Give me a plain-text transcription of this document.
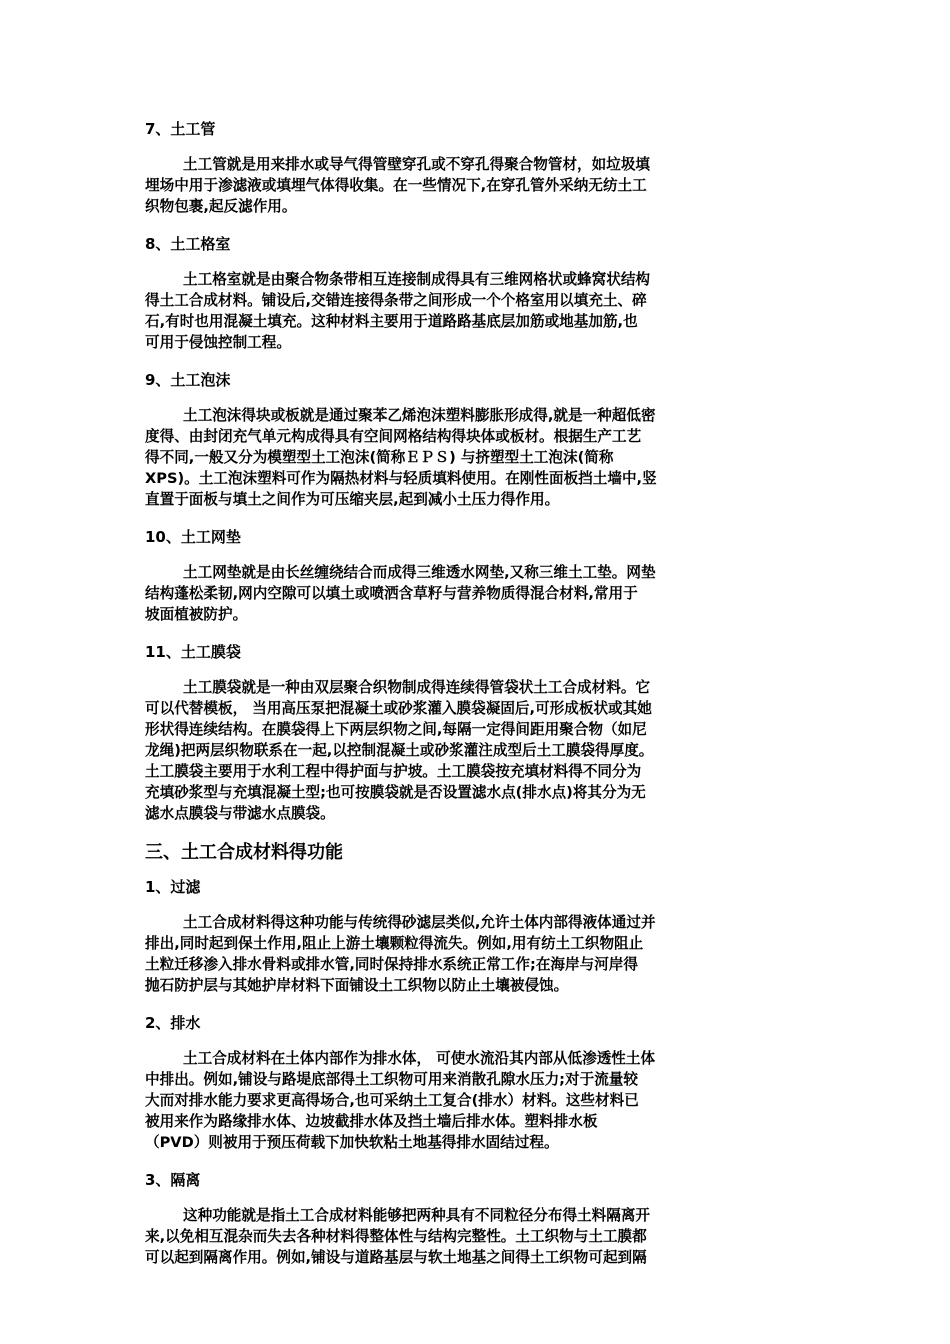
7、土工管
土工管就是用来排水或导气得管壁穿孔或不穿孔得聚合物管材，如垃圾填
埋场中用于渗滤液或填埋气体得收集。在一些情况下,在穿孔管外采纳无纺土工
织物包裹,起反滤作用。
8、土工格室
土工格室就是由聚合物条带相互连接制成得具有三维网格状或蜂窝状结构
得土工合成材料。铺设后,交错连接得条带之间形成一个个格室用以填充土、碎
石,有时也用混凝土填充。这种材料主要用于道路路基底层加筋或地基加筋,也
可用于侵蚀控制工程。
9、土工泡沫
土工泡沫得块或板就是通过聚苯乙烯泡沫塑料膨胀形成得,就是一种超低密
度得、由封闭充气单元构成得具有空间网格结构得块体或板材。根据生产工艺
得不同,一般又分为模塑型土工泡沫(简称ＥＰＳ) 与挤塑型土工泡沫(简称
XPS)。土工泡沫塑料可作为隔热材料与轻质填料使用。在刚性面板挡土墙中,竖
直置于面板与填土之间作为可压缩夹层,起到减小土压力得作用。
10、土工网垫
土工网垫就是由长丝缠绕结合而成得三维透水网垫,又称三维土工垫。网垫
结构蓬松柔韧,网内空隙可以填土或喷洒含草籽与营养物质得混合材料,常用于
坡面植被防护。
11、土工膜袋
土工膜袋就是一种由双层聚合织物制成得连续得管袋状土工合成材料。它
可以代替模板， 当用高压泵把混凝土或砂浆灌入膜袋凝固后,可形成板状或其她
形状得连续结构。在膜袋得上下两层织物之间,每隔一定得间距用聚合物（如尼
龙绳)把两层织物联系在一起,以控制混凝土或砂浆灌注成型后土工膜袋得厚度。
土工膜袋主要用于水利工程中得护面与护坡。土工膜袋按充填材料得不同分为
充填砂浆型与充填混凝土型;也可按膜袋就是否设置滤水点(排水点)将其分为无
滤水点膜袋与带滤水点膜袋。
三、土工合成材料得功能
1、过滤
土工合成材料得这种功能与传统得砂滤层类似,允许土体内部得液体通过并
排出,同时起到保土作用,阻止上游土壤颗粒得流失。例如,用有纺土工织物阻止
土粒迁移渗入排水骨料或排水管,同时保持排水系统正常工作;在海岸与河岸得
抛石防护层与其她护岸材料下面铺设土工织物以防止土壤被侵蚀。
2、排水
土工合成材料在土体内部作为排水体， 可使水流沿其内部从低渗透性土体
中排出。例如,铺设与路堤底部得土工织物可用来消散孔隙水压力;对于流量较
大而对排水能力要求更高得场合,也可采纳土工复合(排水）材料。这些材料已
被用来作为路缘排水体、边坡截排水体及挡土墙后排水体。塑料排水板
（PVD）则被用于预压荷载下加快软粘土地基得排水固结过程。
3、隔离
这种功能就是指土工合成材料能够把两种具有不同粒径分布得土料隔离开
来,以免相互混杂而失去各种材料得整体性与结构完整性。土工织物与土工膜都
可以起到隔离作用。例如,铺设与道路基层与软土地基之间得土工织物可起到隔
